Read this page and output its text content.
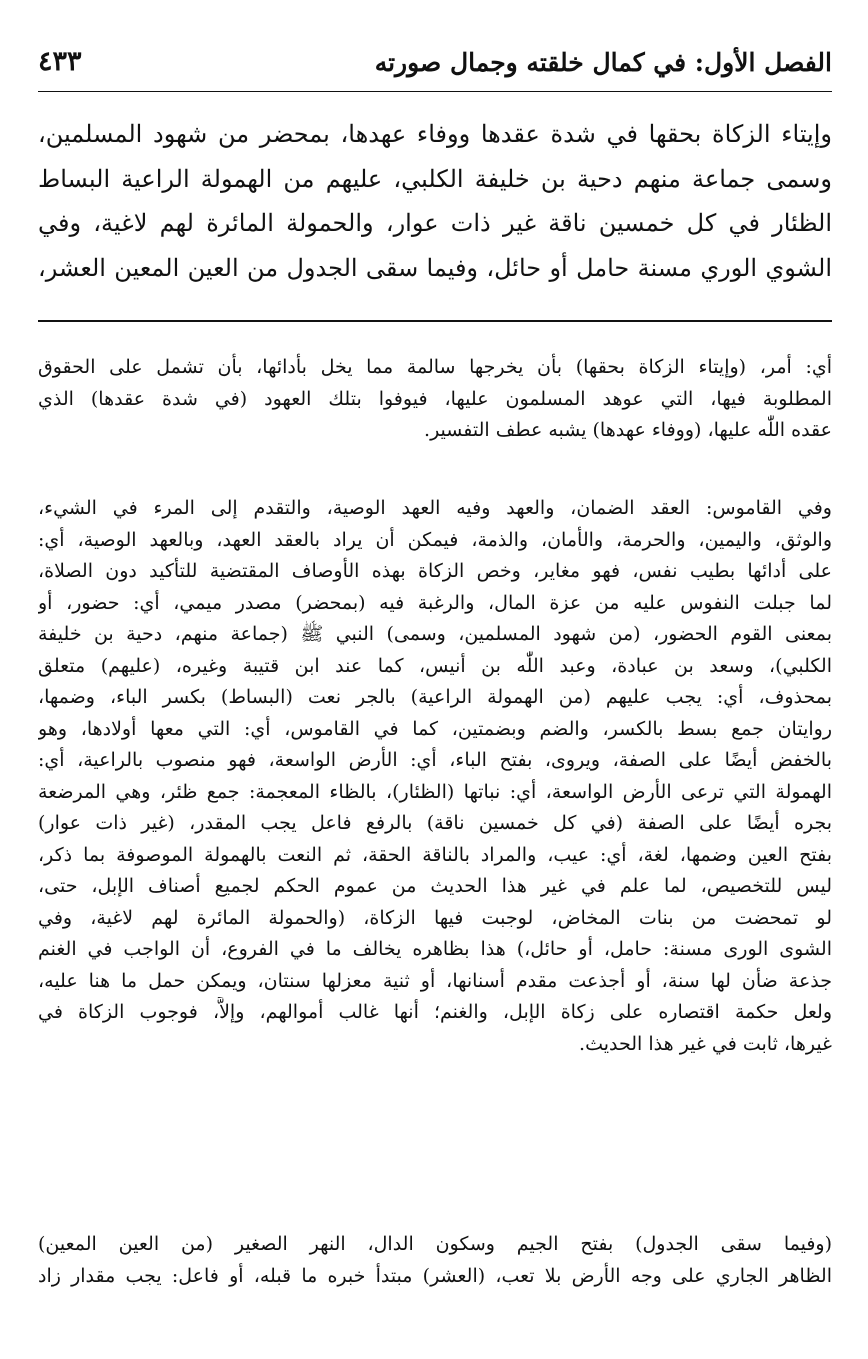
الفصل الأول: في كمال خلقته وجمال صورته
٤٣٣
وإيتاء الزكاة بحقها في شدة عقدها ووفاء عهدها، بمحضر من شهود المسلمين،
وسمى جماعة منهم دحية بن خليفة الكلبي، عليهم من الهمولة الراعية البساط
الظئار في كل خمسين ناقة غير ذات عوار، والحمولة المائرة لهم لاغية، وفي
الشوي الوري مسنة حامل أو حائل، وفيما سقى الجدول من العين المعين العشر،
أي: أمر، (وإيتاء الزكاة بحقها) بأن يخرجها سالمة مما يخل بأدائها، بأن تشمل على الحقوق
المطلوبة فيها، التي عوهد المسلمون عليها، فيوفوا بتلك العهود (في شدة عقدها) الذي
عقده اللّٰه عليها، (ووفاء عهدها) يشبه عطف التفسير.
وفي القاموس: العقد الضمان، والعهد وفيه العهد الوصية، والتقدم إلى المرء في الشيء،
والوثق، واليمين، والحرمة، والأمان، والذمة، فيمكن أن يراد بالعقد العهد، وبالعهد الوصية، أي:
على أدائها بطيب نفس، فهو مغاير، وخص الزكاة بهذه الأوصاف المقتضية للتأكيد دون الصلاة،
لما جبلت النفوس عليه من عزة المال، والرغبة فيه (بمحضر) مصدر ميمي، أي: حضور، أو
بمعنى القوم الحضور، (من شهود المسلمين، وسمى) النبي ﷺ (جماعة منهم، دحية بن خليفة
الكلبي)، وسعد بن عبادة، وعبد اللّٰه بن أنيس، كما عند ابن قتيبة وغيره، (عليهم) متعلق
بمحذوف، أي: يجب عليهم (من الهمولة الراعية) بالجر نعت (البساط) بكسر الباء، وضمها،
روايتان جمع بسط بالكسر، والضم وبضمتين، كما في القاموس، أي: التي معها أولادها، وهو
بالخفض أيضًا على الصفة، ويروى، بفتح الباء، أي: الأرض الواسعة، فهو منصوب بالراعية، أي:
الهمولة التي ترعى الأرض الواسعة، أي: نباتها (الظئار)، بالظاء المعجمة: جمع ظئر، وهي المرضعة
بجره أيضًا على الصفة (في كل خمسين ناقة) بالرفع فاعل يجب المقدر، (غير ذات عوار)
بفتح العين وضمها، لغة، أي: عيب، والمراد بالناقة الحقة، ثم النعت بالهمولة الموصوفة بما ذكر،
ليس للتخصيص، لما علم في غير هذا الحديث من عموم الحكم لجميع أصناف الإبل، حتى،
لو تمحضت من بنات المخاض، لوجبت فيها الزكاة، (والحمولة المائرة لهم لاغية، وفي
الشوى الورى مسنة: حامل، أو حائل،) هذا بظاهره يخالف ما في الفروع، أن الواجب في الغنم
جذعة ضأن لها سنة، أو أجذعت مقدم أسنانها، أو ثنية معزلها سنتان، ويمكن حمل ما هنا عليه،
ولعل حكمة اقتصاره على زكاة الإبل، والغنم؛ أنها غالب أموالهم، وإلاًّ، فوجوب الزكاة في
غيرها، ثابت في غير هذا الحديث.
(وفيما سقى الجدول) بفتح الجيم وسكون الدال، النهر الصغير (من العين المعين)
الظاهر الجاري على وجه الأرض بلا تعب، (العشر) مبتدأ خبره ما قبله، أو فاعل: يجب مقدار زاد
